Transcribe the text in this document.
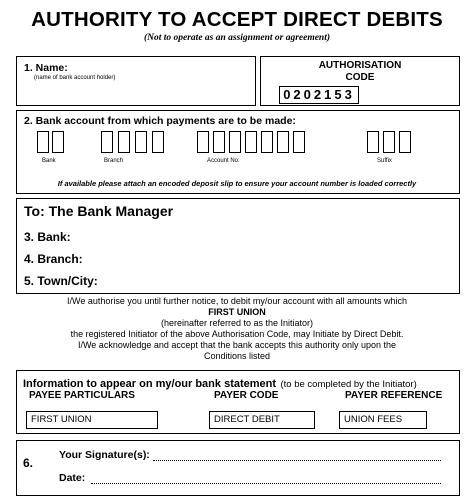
AUTHORITY TO ACCEPT DIRECT DEBITS
(Not to operate as an assignment or agreement)
1. Name:
(name of bank account holder)
AUTHORISATION
CODE
0202153
2. Bank account from which payments are to be made:
Bank	Branch	Account No:	Suffix
If available please attach an encoded deposit slip to ensure your account number is loaded correctly
To: The Bank Manager
3. Bank:
4. Branch:
5. Town/City:
I/We authorise you until further notice, to debit my/our account with all amounts which
FIRST UNION
(hereinafter referred to as the Initiator)
the registered Initiator of the above Authorisation Code, may Initiate by Direct Debit.
I/We acknowledge and accept that the bank accepts this authority only upon the
Conditions listed
Information to appear on my/our bank statement (to be completed by the Initiator)
PAYEE PARTICULARS	PAYER CODE	PAYER REFERENCE
FIRST UNION	DIRECT DEBIT	UNION FEES
6.
Your Signature(s):
Date:
